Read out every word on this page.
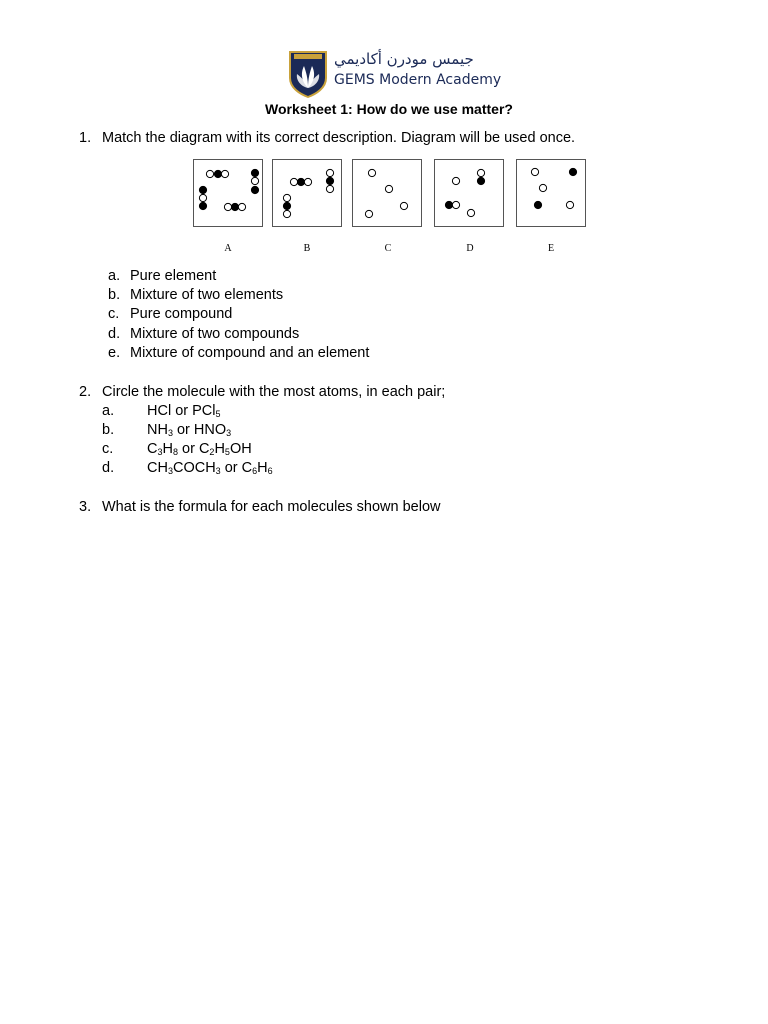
جيمس مودرن أكاديمي
GEMS Modern Academy
Worksheet 1: How do we use matter?
1. Match the diagram with its correct description. Diagram will be used once.
A	B	C	D	E
a. Pure element
b. Mixture of two elements
c. Pure compound
d. Mixture of two compounds
e. Mixture of compound and an element
2. Circle the molecule with the most atoms, in each pair;
a. HCl or PCl$_5$
b. $NH_3$ or $HNO_3$
c. $C_3H_8$ or $C_2H_5OH$
d. $CH_3COCH_3$ or $C_6H_6$
3. What is the formula for each molecules shown below
